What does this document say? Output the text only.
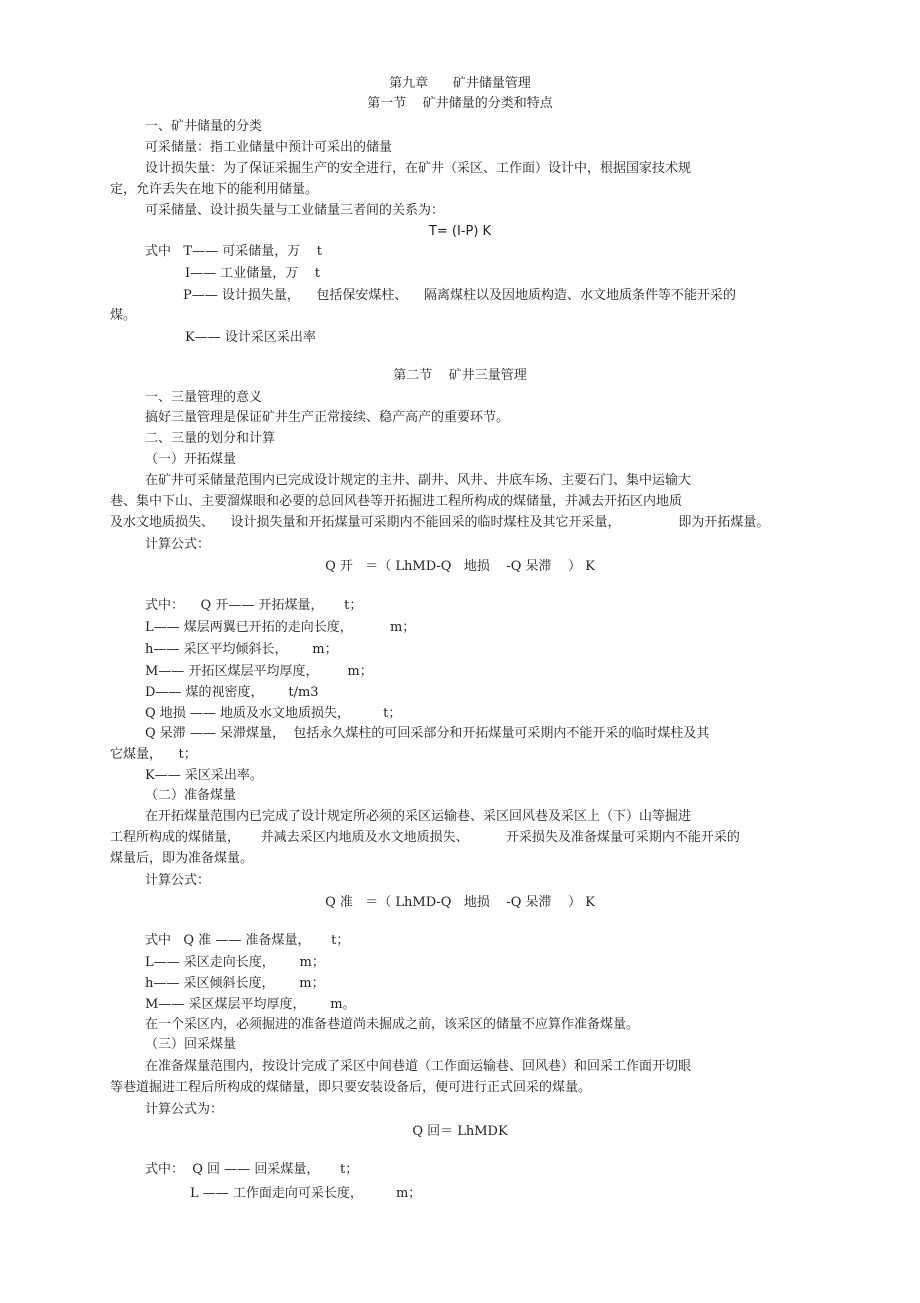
第九章      矿井储量管理
第一节    矿井储量的分类和特点
一、矿井储量的分类
可采储量：指工业储量中预计可采出的储量
设计损失量：为了保证采掘生产的安全进行，在矿井（采区、工作面）设计中，根据国家技术规
定，允许丢失在地下的能利用储量。
可采储量、设计损失量与工业储量三者间的关系为：
T= (I-P) K
式中   T—— 可采储量，万    t
I—— 工业储量，万    t
P—— 设计损失量，    包括保安煤柱、    隔离煤柱以及因地质构造、水文地质条件等不能开采的
煤。
K—— 设计采区采出率
第二节    矿井三量管理
一、三量管理的意义
搞好三量管理是保证矿井生产正常接续、稳产高产的重要环节。
二、三量的划分和计算
（一）开拓煤量
在矿井可采储量范围内已完成设计规定的主井、副井、风井、井底车场、主要石门、集中运输大
巷、集中下山、主要溜煤眼和必要的总回风巷等开拓掘进工程所构成的煤储量，并减去开拓区内地质
及水文地质损失、    设计损失量和开拓煤量可采期内不能回采的临时煤柱及其它开采量，              即为开拓煤量。
计算公式：
Q 开   ＝（ LhMD-Q   地损    -Q 呆滞    ） K
式中：    Q 开—— 开拓煤量，     t；
L—— 煤层两翼已开拓的走向长度，         m；
h—— 采区平均倾斜长，      m；
M—— 开拓区煤层平均厚度，       m；
D—— 煤的视密度，      t/m3
Q 地损 —— 地质及水文地质损失，        t；
Q 呆滞 —— 呆滞煤量，  包括永久煤柱的可回采部分和开拓煤量可采期内不能开采的临时煤柱及其
它煤量，    t；
K—— 采区采出率。
（二）准备煤量
在开拓煤量范围内已完成了设计规定所必须的采区运输巷、采区回风巷及采区上（下）山等掘进
工程所构成的煤储量，     并减去采区内地质及水文地质损失、         开采损失及准备煤量可采期内不能开采的
煤量后，即为准备煤量。
计算公式：
Q 准   ＝（ LhMD-Q   地损    -Q 呆滞    ） K
式中   Q 准 —— 准备煤量，     t；
L—— 采区走向长度，      m；
h—— 采区倾斜长度，      m；
M—— 采区煤层平均厚度，      m。
在一个采区内，必须掘进的准备巷道尚未掘成之前，该采区的储量不应算作准备煤量。
（三）回采煤量
在准备煤量范围内，按设计完成了采区中间巷道（工作面运输巷、回风巷）和回采工作面开切眼
等巷道掘进工程后所构成的煤储量，即只要安装设备后，便可进行正式回采的煤量。
计算公式为：
Q 回＝ LhMDK
式中：  Q 回 —— 回采煤量，     t；
L —— 工作面走向可采长度，        m；
